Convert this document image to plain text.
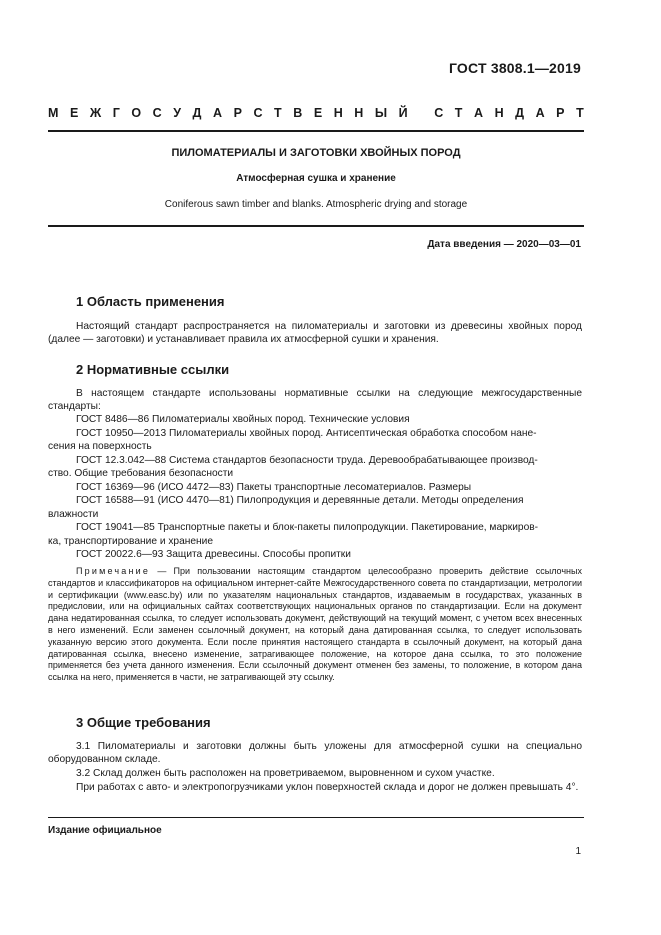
ГОСТ 3808.1—2019
М Е Ж Г О С У Д А Р С Т В Е Н Н Ы Й
С Т А Н Д А Р Т
ПИЛОМАТЕРИАЛЫ И ЗАГОТОВКИ ХВОЙНЫХ ПОРОД
Атмосферная сушка и хранение
Coniferous sawn timber and blanks. Atmospheric drying and storage
Дата введения — 2020—03—01
1 Область применения

Настоящий стандарт распространяется на пиломатериалы и заготовки из древесины хвойных пород (далее — заготовки) и устанавливает правила их атмосферной сушки и хранения.

2 Нормативные ссылки

В настоящем стандарте использованы нормативные ссылки на следующие межгосударственные стандарты:

ГОСТ 8486—86 Пиломатериалы хвойных пород. Технические условия
ГОСТ 10950—2013 Пиломатериалы хвойных пород. Антисептическая обработка способом нане-
сения на поверхность
ГОСТ 12.3.042—88 Система стандартов безопасности труда. Деревообрабатывающее производ-
ство. Общие требования безопасности
ГОСТ 16369—96 (ИСО 4472—83) Пакеты транспортные лесоматериалов. Размеры
ГОСТ 16588—91 (ИСО 4470—81) Пилопродукция и деревянные детали. Методы определения
влажности
ГОСТ 19041—85 Транспортные пакеты и блок-пакеты пилопродукции. Пакетирование, маркиров-
ка, транспортирование и хранение
ГОСТ 20022.6—93 Защита древесины. Способы пропитки

Примечание — При пользовании настоящим стандартом целесообразно проверить действие ссылочных стандартов и классификаторов на официальном интернет-сайте Межгосударственного совета по стандартизации, метрологии и сертификации (www.easc.by) или по указателям национальных стандартов, издаваемым в государствах, указанных в предисловии, или на официальных сайтах соответствующих национальных органов по стандартизации. Если на документ дана недатированная ссылка, то следует использовать документ, действующий на текущий момент, с учетом всех внесенных в него изменений. Если заменен ссылочный документ, на который дана датированная ссылка, то следует использовать указанную версию этого документа. Если после принятия настоящего стандарта в ссылочный документ, на который дана датированная ссылка, внесено изменение, затрагивающее положение, на которое дана ссылка, то это положение применяется без учета данного изменения. Если ссылочный документ отменен без замены, то положение, в котором дана ссылка на него, применяется в части, не затрагивающей эту ссылку.

3 Общие требования

3.1 Пиломатериалы и заготовки должны быть уложены для атмосферной сушки на специально оборудованном складе.

3.2 Склад должен быть расположен на проветриваемом, выровненном и сухом участке.

При работах с авто- и электропогрузчиками уклон поверхностей склада и дорог не должен превышать 4°.

Издание официальное
1
